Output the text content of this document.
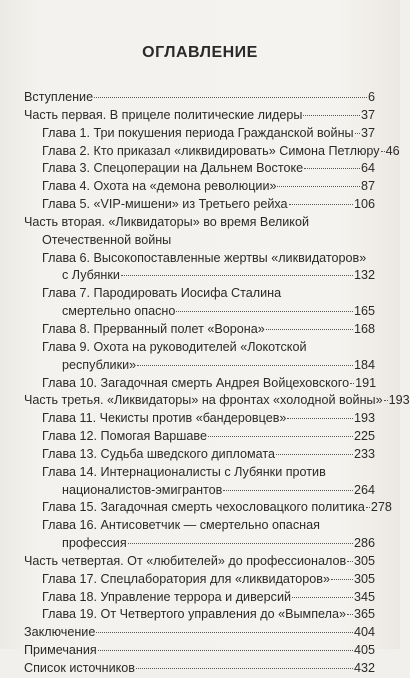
ОГЛАВЛЕНИЕ
Вступление	6
Часть первая. В прицеле политические лидеры	37
Глава 1. Три покушения периода Гражданской войны 37
Глава 2. Кто приказал «ликвидировать» Симона Петлюру 46
Глава 3. Спецоперации на Дальнем Востоке	64
Глава 4. Охота на «демона революции»	87
Глава 5. «VIP-мишени» из Третьего рейха	106
Часть вторая. «Ликвидаторы» во время Великой
Отечественной войны
Глава 6. Высокопоставленные жертвы «ликвидаторов»
с Лубянки	132
Глава 7. Пародировать Иосифа Сталина
смертельно опасно	165
Глава 8. Прерванный полет «Ворона»	168
Глава 9. Охота на руководителей «Локотской
республики»	184
Глава 10. Загадочная смерть Андрея Войцеховского 191
Часть третья. «Ликвидаторы» на фронтах «холодной войны» 193
Глава 11. Чекисты против «бандеровцев»	193
Глава 12. Помогая Варшаве	225
Глава 13. Судьба шведского дипломата	233
Глава 14. Интернационалисты с Лубянки против
националистов-эмигрантов	264
Глава 15. Загадочная смерть чехословацкого политика 278
Глава 16. Антисоветчик — смертельно опасная
профессия	286
Часть четвертая. От «любителей» до профессионалов 305
Глава 17. Спецлаборатория для «ликвидаторов» 305
Глава 18. Управление террора и диверсий	345
Глава 19. От Четвертого управления до «Вымпела» 365
Заключение	404
Примечания	405
Список источников	432
